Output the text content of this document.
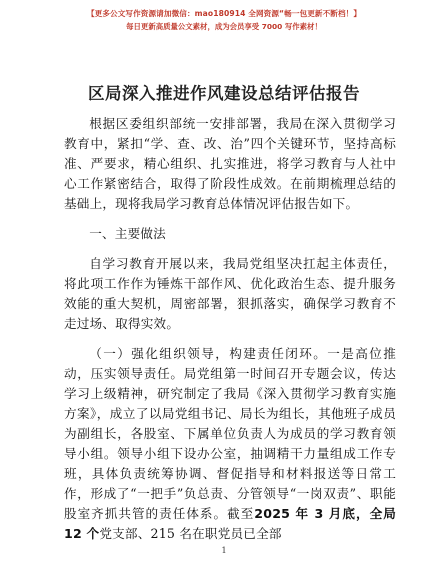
【更多公文写作资源请加微信：mao180914 全网资源“畅一包更新不断档！】
每日更新高质量公文素材，成为会员享受 7000 写作素材！
区局深入推进作风建设总结评估报告

根据区委组织部统一安排部署，我局在深入贯彻学习教育中，紧扣“学、查、改、治”四个关键环节，坚持高标准、严要求，精心组织、扎实推进，将学习教育与人社中心工作紧密结合，取得了阶段性成效。在前期梳理总结的基础上，现将我局学习教育总体情况评估报告如下。

一、主要做法

自学习教育开展以来，我局党组坚决扛起主体责任，将此项工作作为锤炼干部作风、优化政治生态、提升服务效能的重大契机，周密部署，狠抓落实，确保学习教育不走过场、取得实效。

（一）强化组织领导，构建责任闭环。一是高位推动，压实领导责任。局党组第一时间召开专题会议，传达学习上级精神，研究制定了我局《深入贯彻学习教育实施方案》，成立了以局党组书记、局长为组长，其他班子成员为副组长，各股室、下属单位负责人为成员的学习教育领导小组。领导小组下设办公室，抽调精干力量组成工作专班，具体负责统筹协调、督促指导和材料报送等日常工作，形成了“一把手”负总责、分管领导“一岗双责”、职能股室齐抓共管的责任体系。截至2025 年 3 月底，全局 12 个党支部、215 名在职党员已全部

1
